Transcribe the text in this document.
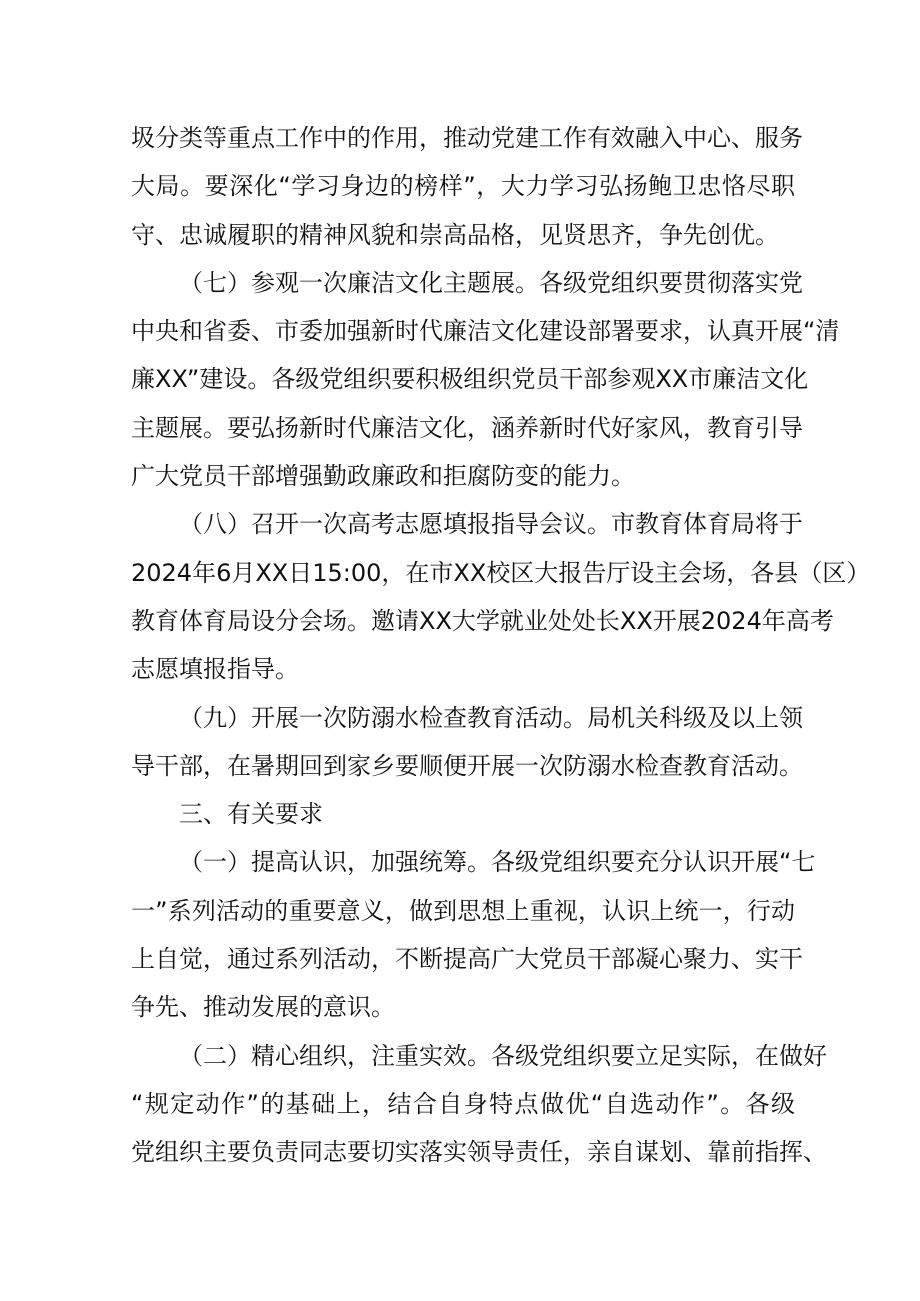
圾分类等重点工作中的作用，推动党建工作有效融入中心、服务
大局。要深化“学习身边的榜样”，大力学习弘扬鲍卫忠恪尽职
守、忠诚履职的精神风貌和崇高品格，见贤思齐，争先创优。
（七）参观一次廉洁文化主题展。各级党组织要贯彻落实党
中央和省委、市委加强新时代廉洁文化建设部署要求，认真开展“清
廉XX”建设。各级党组织要积极组织党员干部参观XX市廉洁文化
主题展。要弘扬新时代廉洁文化，涵养新时代好家风，教育引导
广大党员干部增强勤政廉政和拒腐防变的能力。
（八）召开一次高考志愿填报指导会议。市教育体育局将于
2024年6月XX日15:00，在市XX校区大报告厅设主会场，各县（区）
教育体育局设分会场。邀请XX大学就业处处长XX开展2024年高考
志愿填报指导。
（九）开展一次防溺水检查教育活动。局机关科级及以上领
导干部，在暑期回到家乡要顺便开展一次防溺水检查教育活动。
三、有关要求
（一）提高认识，加强统筹。各级党组织要充分认识开展“七
一”系列活动的重要意义，做到思想上重视，认识上统一，行动
上自觉，通过系列活动，不断提高广大党员干部凝心聚力、实干
争先、推动发展的意识。
（二）精心组织，注重实效。各级党组织要立足实际，在做好
“规定动作”的基础上，结合自身特点做优“自选动作”。各级
党组织主要负责同志要切实落实领导责任，亲自谋划、靠前指挥、
